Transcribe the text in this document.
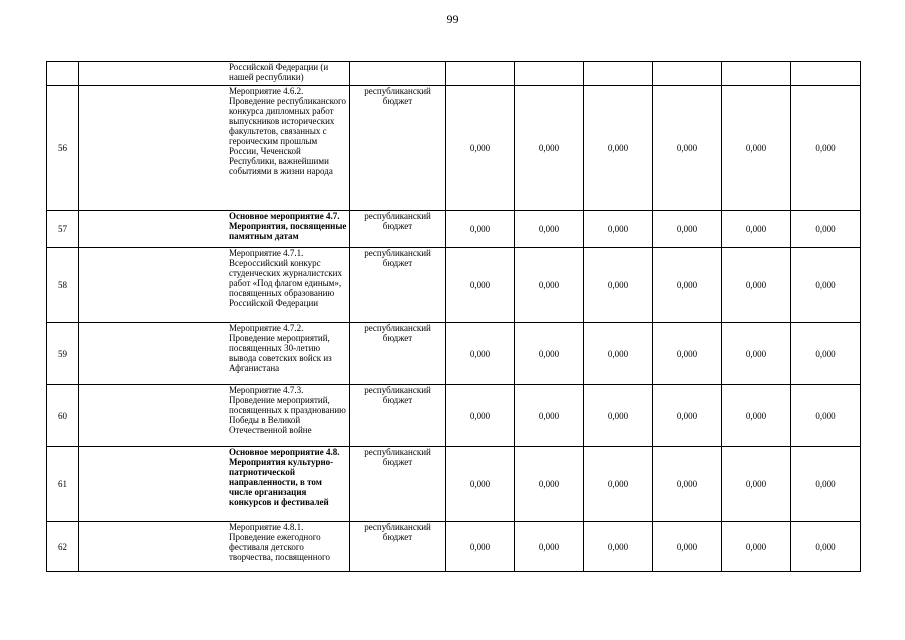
99
	Российской Федерации (и нашей республики)							
56	Мероприятие 4.6.2. Проведение республиканского конкурса дипломных работ выпускников исторических факультетов, связанных с героическим прошлым России, Чеченской Республики, важнейшими событиями в жизни народа	республиканский бюджет	0,000	0,000	0,000	0,000	0,000	0,000
57	Основное мероприятие 4.7. Мероприятия, посвященные памятным датам	республиканский бюджет	0,000	0,000	0,000	0,000	0,000	0,000
58	Мероприятие 4.7.1. Всероссийский конкурс студенческих журналистских работ «Под флагом единым», посвященных образованию Российской Федерации	республиканский бюджет	0,000	0,000	0,000	0,000	0,000	0,000
59	Мероприятие 4.7.2. Проведение мероприятий, посвященных 30-летию вывода советских войск из Афганистана	республиканский бюджет	0,000	0,000	0,000	0,000	0,000	0,000
60	Мероприятие 4.7.3. Проведение мероприятий, посвященных к празднованию Победы в Великой Отечественной войне	республиканский бюджет	0,000	0,000	0,000	0,000	0,000	0,000
61	Основное мероприятие 4.8. Мероприятия культурно-патриотической направленности, в том числе организация конкурсов и фестивалей	республиканский бюджет	0,000	0,000	0,000	0,000	0,000	0,000
62	Мероприятие 4.8.1. Проведение ежегодного фестиваля детского творчества, посвященного	республиканский бюджет	0,000	0,000	0,000	0,000	0,000	0,000
